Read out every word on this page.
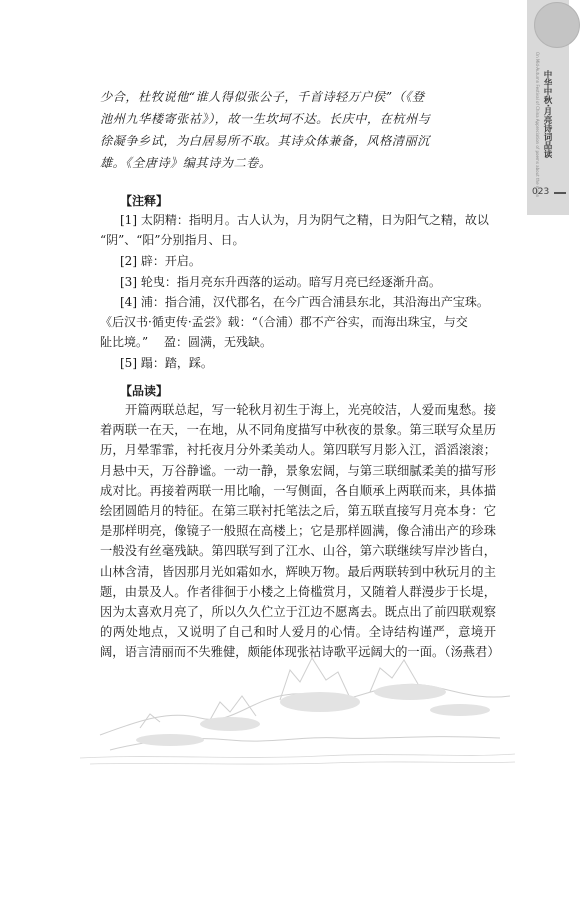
On Mid-Autumn Festival of China Appreciation of poems about the moon 中华中秋·月亮诗词品读
023

少合，杜牧说他“谁人得似张公子，千首诗轻万户侯”（《登

池州九华楼寄张祜》），故一生坎坷不达。长庆中，在杭州与

徐凝争乡试，为白居易所不取。其诗众体兼备，风格清丽沉

雄。《全唐诗》编其诗为二卷。

【注释】

[1] 太阴精：指明月。古人认为，月为阴气之精，日为阳气之精，故以

“阴”、“阳”分别指月、日。

[2] 辟：开启。

[3] 轮曳：指月亮东升西落的运动。暗写月亮已经逐渐升高。

[4] 浦：指合浦，汉代郡名，在今广西合浦县东北，其沿海出产宝珠。

《后汉书·循吏传·孟尝》载：“（合浦）郡不产谷实，而海出珠宝，与交

阯比境。”　 盈：圆满，无残缺。

[5] 蹋：踏，踩。

【品读】

开篇两联总起，写一轮秋月初生于海上，光亮皎洁，人爱而鬼愁。接着两联一在天，一在地，从不同角度描写中秋夜的景象。第三联写众星历历，月晕霏霏，衬托夜月分外柔美动人。第四联写月影入江，滔滔滚滚；月悬中天，万谷静谧。一动一静，景象宏阔，与第三联细腻柔美的描写形成对比。再接着两联一用比喻，一写侧面，各自顺承上两联而来，具体描绘团圆皓月的特征。在第三联衬托笔法之后，第五联直接写月亮本身：它是那样明亮，像镜子一般照在高楼上；它是那样圆满，像合浦出产的珍珠一般没有丝毫残缺。第四联写到了江水、山谷，第六联继续写岸沙皆白，山林含清，皆因那月光如霜如水，辉映万物。最后两联转到中秋玩月的主题，由景及人。作者徘徊于小楼之上倚槛赏月，又随着人群漫步于长堤，因为太喜欢月亮了，所以久久伫立于江边不愿离去。既点出了前四联观察的两处地点，又说明了自己和时人爱月的心情。全诗结构谨严，意境开阔，语言清丽而不失雅健，颇能体现张祜诗歌平远阔大的一面。（汤燕君）
